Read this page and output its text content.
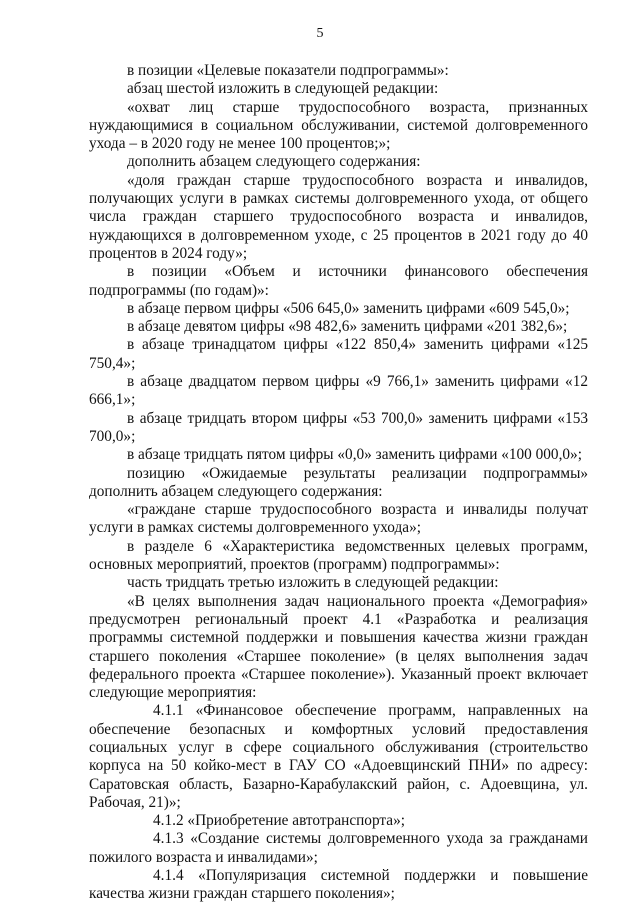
5

в позиции «Целевые показатели подпрограммы»:

абзац шестой изложить в следующей редакции:

«охват лиц старше трудоспособного возраста, признанных нуждающимися в социальном обслуживании, системой долговременного ухода – в 2020 году не менее 100 процентов;»;

дополнить абзацем следующего содержания:

«доля граждан старше трудоспособного возраста и инвалидов, получающих услуги в рамках системы долговременного ухода, от общего числа граждан старшего трудоспособного возраста и инвалидов, нуждающихся в долговременном уходе, с 25 процентов в 2021 году до 40 процентов в 2024 году»;

в позиции «Объем и источники финансового обеспечения подпрограммы (по годам)»:

в абзаце первом цифры «506 645,0» заменить цифрами «609 545,0»;

в абзаце девятом цифры «98 482,6» заменить цифрами «201 382,6»;

в абзаце тринадцатом цифры «122 850,4» заменить цифрами «125 750,4»;

в абзаце двадцатом первом цифры «9 766,1» заменить цифрами «12 666,1»;

в абзаце тридцать втором цифры «53 700,0» заменить цифрами «153 700,0»;

в абзаце тридцать пятом цифры «0,0» заменить цифрами «100 000,0»;

позицию «Ожидаемые результаты реализации подпрограммы» дополнить абзацем следующего содержания:

«граждане старше трудоспособного возраста и инвалиды получат услуги в рамках системы долговременного ухода»;

в разделе 6 «Характеристика ведомственных целевых программ, основных мероприятий, проектов (программ) подпрограммы»:

часть тридцать третью изложить в следующей редакции:

«В целях выполнения задач национального проекта «Демография» предусмотрен региональный проект 4.1 «Разработка и реализация программы системной поддержки и повышения качества жизни граждан старшего поколения «Старшее поколение» (в целях выполнения задач федерального проекта «Старшее поколение»). Указанный проект включает следующие мероприятия:

4.1.1 «Финансовое обеспечение программ, направленных на обеспечение безопасных и комфортных условий предоставления социальных услуг в сфере социального обслуживания (строительство корпуса на 50 койко-мест в ГАУ СО «Адоевщинский ПНИ» по адресу: Саратовская область, Базарно-Карабулакский район, с. Адоевщина, ул. Рабочая, 21)»;

4.1.2 «Приобретение автотранспорта»;

4.1.3 «Создание системы долговременного ухода за гражданами пожилого возраста и инвалидами»;

4.1.4 «Популяризация системной поддержки и повышение качества жизни граждан старшего поколения»;
